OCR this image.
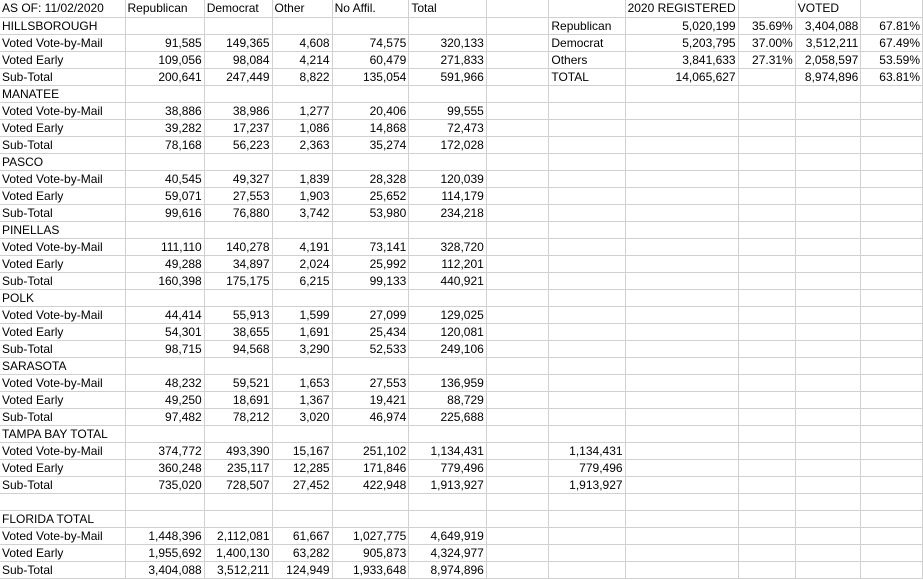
AS OF: 11/02/2020	Republican	Democrat	Other	No Affil.	Total			2020 REGISTERED		VOTED	
HILLSBOROUGH							Republican	5,020,199	35.69%	3,404,088	67.81%
Voted Vote-by-Mail	91,585	149,365	4,608	74,575	320,133		Democrat	5,203,795	37.00%	3,512,211	67.49%
Voted Early	109,056	98,084	4,214	60,479	271,833		Others	3,841,633	27.31%	2,058,597	53.59%
Sub-Total	200,641	247,449	8,822	135,054	591,966		TOTAL	14,065,627		8,974,896	63.81%
MANATEE											
Voted Vote-by-Mail	38,886	38,986	1,277	20,406	99,555						
Voted Early	39,282	17,237	1,086	14,868	72,473						
Sub-Total	78,168	56,223	2,363	35,274	172,028						
PASCO											
Voted Vote-by-Mail	40,545	49,327	1,839	28,328	120,039						
Voted Early	59,071	27,553	1,903	25,652	114,179						
Sub-Total	99,616	76,880	3,742	53,980	234,218						
PINELLAS											
Voted Vote-by-Mail	111,110	140,278	4,191	73,141	328,720						
Voted Early	49,288	34,897	2,024	25,992	112,201						
Sub-Total	160,398	175,175	6,215	99,133	440,921						
POLK											
Voted Vote-by-Mail	44,414	55,913	1,599	27,099	129,025						
Voted Early	54,301	38,655	1,691	25,434	120,081						
Sub-Total	98,715	94,568	3,290	52,533	249,106						
SARASOTA											
Voted Vote-by-Mail	48,232	59,521	1,653	27,553	136,959						
Voted Early	49,250	18,691	1,367	19,421	88,729						
Sub-Total	97,482	78,212	3,020	46,974	225,688						
TAMPA BAY TOTAL											
Voted Vote-by-Mail	374,772	493,390	15,167	251,102	1,134,431		1,134,431				
Voted Early	360,248	235,117	12,285	171,846	779,496		779,496				
Sub-Total	735,020	728,507	27,452	422,948	1,913,927		1,913,927				

FLORIDA TOTAL											
Voted Vote-by-Mail	1,448,396	2,112,081	61,667	1,027,775	4,649,919						
Voted Early	1,955,692	1,400,130	63,282	905,873	4,324,977						
Sub-Total	3,404,088	3,512,211	124,949	1,933,648	8,974,896						
